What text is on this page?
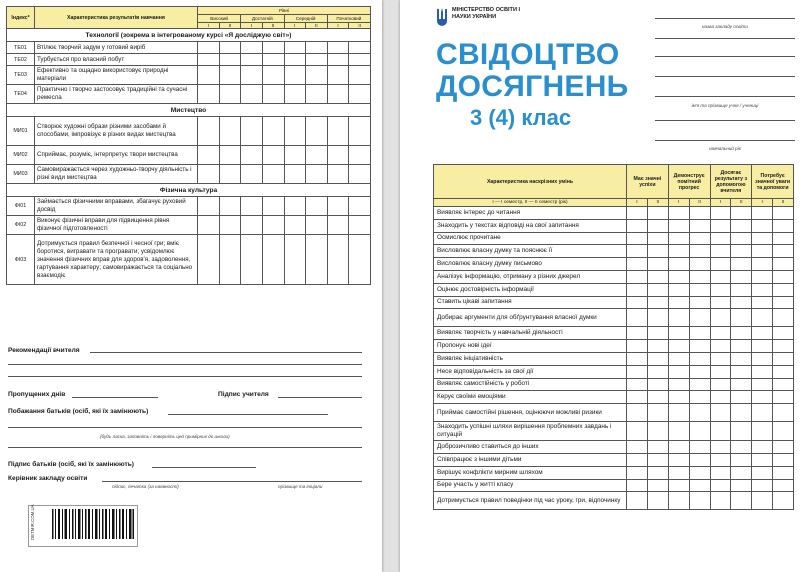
Індекс*	Характеристика результатів навчання	Рівні							
		Високий		Достатній		Середній		Початковий	
		I	II	I	II	I	II	I	II
Технології (зокрема в інтегрованому курсі «Я досліджую світ»)									
ТЕ01	Втілює творчий задум у готовий виріб								
ТЕ02	Турбується про власний побут								
ТЕ03	Ефективно та ощадно використовує природні матеріали								
ТЕ04	Практично і творчо застосовує традиційні та сучасні ремесла								
Мистецтво									
МИ01	Створює художні образи різними засобами й способами, імпровізує в різних видах мистецтва								
МИ02	Сприймає, розуміє, інтерпретує твори мистецтва								
МИ03	Самовиражається через художньо-творчу діяльність і різні види мистецтва								
Фізична культура									
ФІ01	Займається фізичними вправами, збагачує руховий досвід								
ФІ02	Виконує фізичні вправи для підвищення рівня фізичної підготовленості								
ФІ03	Дотримується правил безпечної і чесної гри; вміє боротися, вигравати та програвати; усвідомлює значення фізичних вправ для здоров'я, задоволення, гартування характеру; самовиражається та соціально взаємодіє								
Рекомендації вчителя
Пропущених днів	Підпис учителя
Побажання батьків (осіб, які їх замінюють)
(будь ласка, заповніть і поверніть цей примірник до школи)
Підпис батьків (осіб, які їх замінюють)
Керівник закладу освіти
підпис, печатка (за наявності)	прізвище та ініціали
DETMIR.COM.UA
МІНІСТЕРСТВО ОСВІТИ І НАУКИ УКРАЇНИ
назва закладу освіти
ім'я та прізвище учня / учениці
навчальний рік
СВІДОЦТВО
ДОСЯГНЕНЬ
3 (4) клас
Характеристика наскрізних умінь	Має значні успіхи		Демонструє помітний прогрес		Досягає результату з допомогою вчителя		Потребує значної уваги та допомоги	
I — I семестр, II — II семестр (рік)	I	II	I	II	I	II	I	II
Виявляє інтерес до читання								
Знаходить у текстах відповіді на свої запитання								
Осмислює прочитане								
Висловлює власну думку та пояснює її								
Висловлює власну думку письмово								
Аналізує інформацію, отриману з різних джерел								
Оцінює достовірність інформації								
Ставить цікаві запитання								
Добирає аргументи для обґрунтування власної думки								
Виявляє творчість у навчальній діяльності								
Пропонує нові ідеї								
Виявляє ініціативність								
Несе відповідальність за свої дії								
Виявляє самостійність у роботі								
Керує своїми емоціями								
Приймає самостійні рішення, оцінюючи можливі ризики								
Знаходить успішні шляхи вирішення проблемних завдань і ситуацій								
Доброзичливо ставиться до інших								
Співпрацює з іншими дітьми								
Вирішує конфлікти мирним шляхом								
Бере участь у житті класу								
Дотримується правил поведінки під час уроку, гри, відпочинку								
